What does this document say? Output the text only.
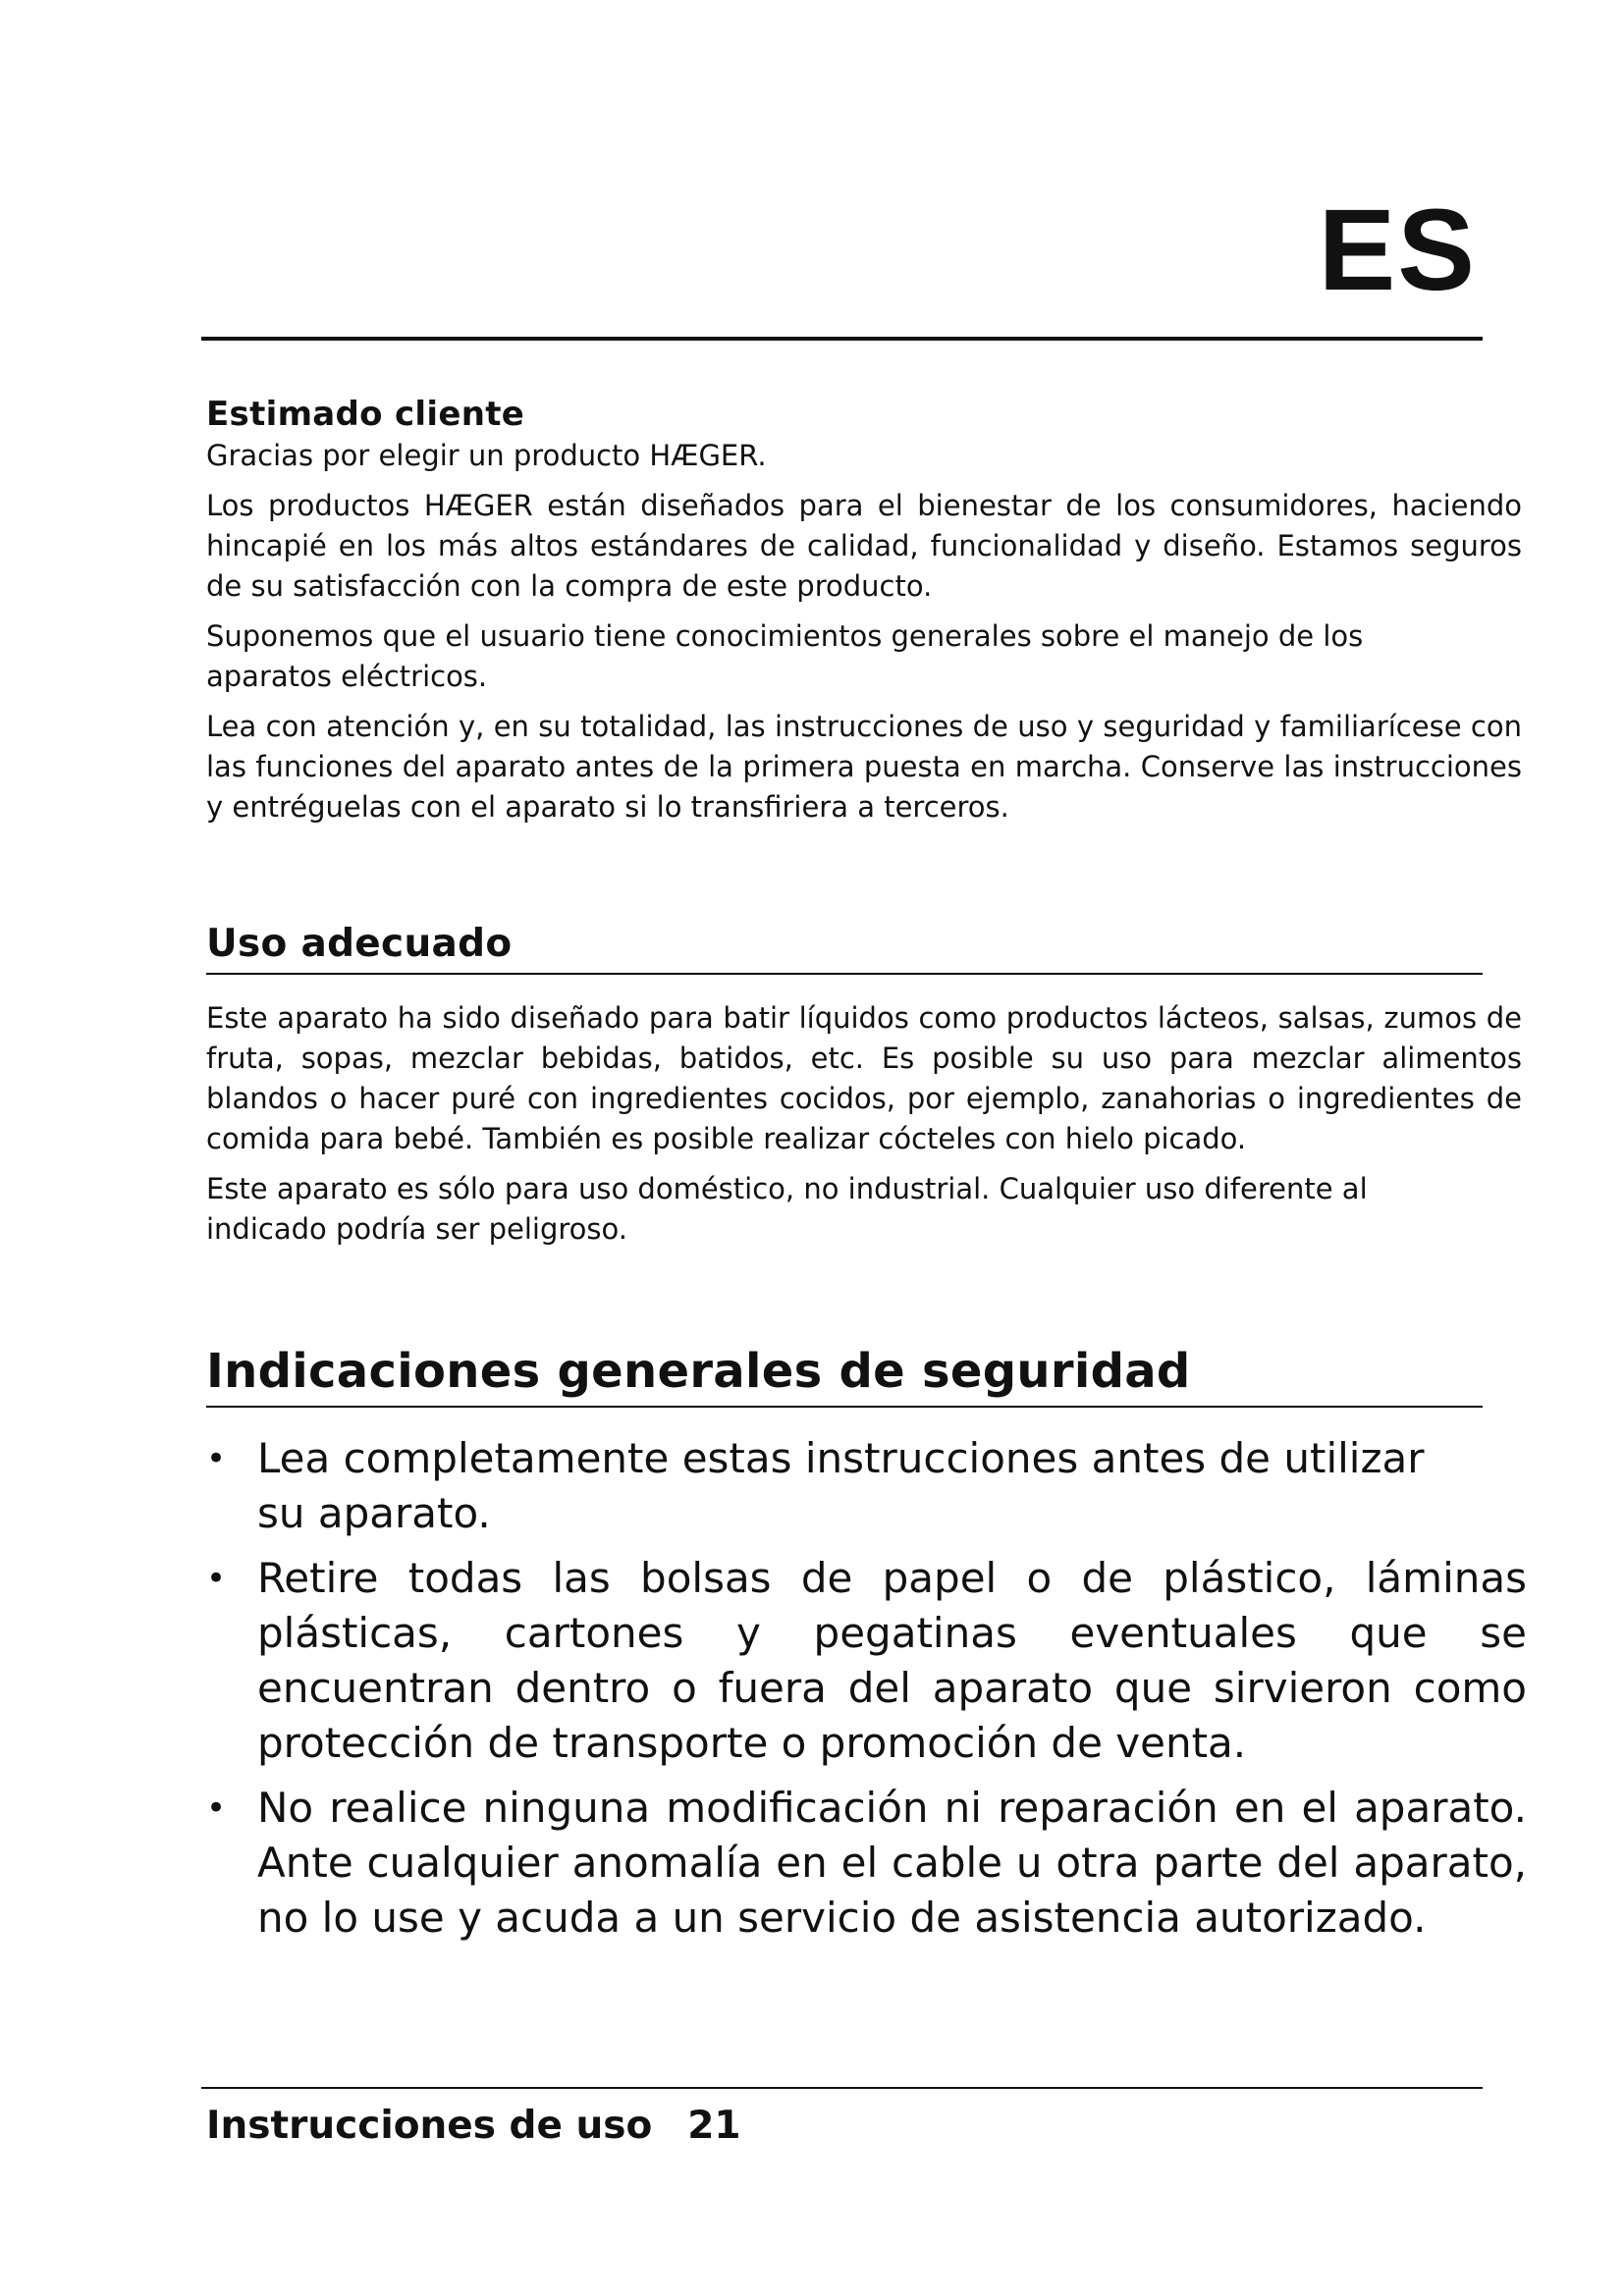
ES
Estimado cliente

Gracias por elegir un producto HÆGER.

Los productos HÆGER están diseñados para el bienestar de los consumidores, haciendo hincapié en los más altos estándares de calidad, funcionalidad y diseño. Estamos seguros de su satisfacción con la compra de este producto.

Suponemos que el usuario tiene conocimientos generales sobre el manejo de los aparatos eléctricos.

Lea con atención y, en su totalidad, las instrucciones de uso y seguridad y familiarícese con las funciones del aparato antes de la primera puesta en marcha. Conserve las instrucciones y entréguelas con el aparato si lo transfiriera a terceros.

Uso adecuado

Este aparato ha sido diseñado para batir líquidos como productos lácteos, salsas, zumos de fruta, sopas, mezclar bebidas, batidos, etc. Es posible su uso para mezclar alimentos blandos o hacer puré con ingredientes cocidos, por ejemplo, zanahorias o ingredientes de comida para bebé. También es posible realizar cócteles con hielo picado.

Este aparato es sólo para uso doméstico, no industrial. Cualquier uso diferente al indicado podría ser peligroso.

Indicaciones generales de seguridad
• Lea completamente estas instrucciones antes de utilizar su aparato.
• Retire todas las bolsas de papel o de plástico, láminas plásticas, cartones y pegatinas eventuales que se encuentran dentro o fuera del aparato que sirvieron como protección de transporte o promoción de venta.
• No realice ninguna modificación ni reparación en el aparato. Ante cualquier anomalía en el cable u otra parte del aparato, no lo use y acuda a un servicio de asistencia autorizado.

Instrucciones de uso 21
